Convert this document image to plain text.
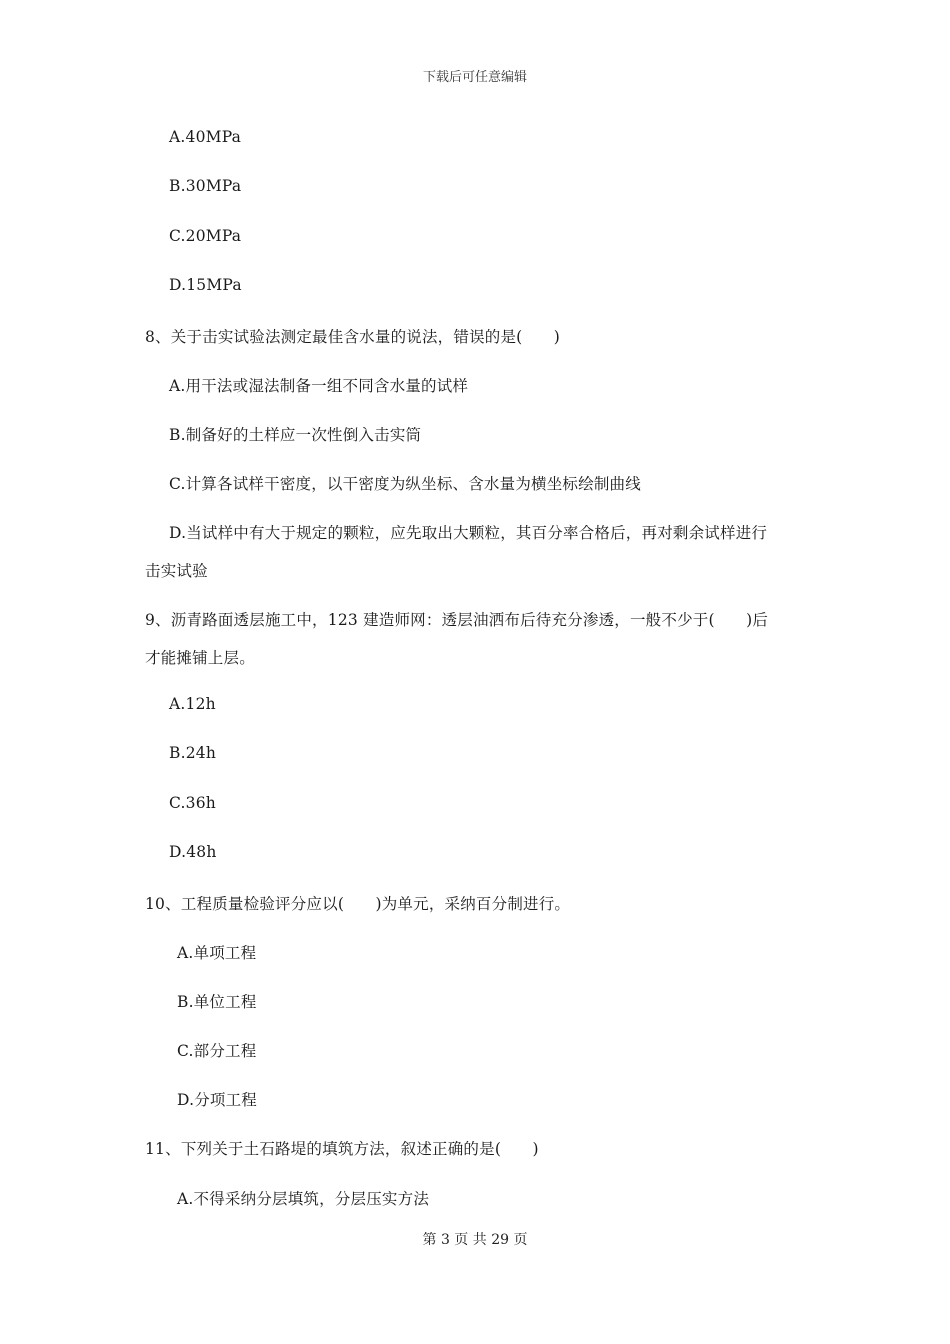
下载后可任意编辑
A.40MPa
B.30MPa
C.20MPa
D.15MPa
8、关于击实试验法测定最佳含水量的说法，错误的是(　　)
A.用干法或湿法制备一组不同含水量的试样
B.制备好的土样应一次性倒入击实筒
C.计算各试样干密度，以干密度为纵坐标、含水量为横坐标绘制曲线
D.当试样中有大于规定的颗粒，应先取出大颗粒，其百分率合格后，再对剩余试样进行
击实试验
9、沥青路面透层施工中，123 建造师网：透层油洒布后待充分渗透，一般不少于(　　)后
才能摊铺上层。
A.12h
B.24h
C.36h
D.48h
10、工程质量检验评分应以(　　)为单元，采纳百分制进行。
A.单项工程
B.单位工程
C.部分工程
D.分项工程
11、下列关于土石路堤的填筑方法，叙述正确的是(　　)
A.不得采纳分层填筑，分层压实方法
第 3 页 共 29 页
